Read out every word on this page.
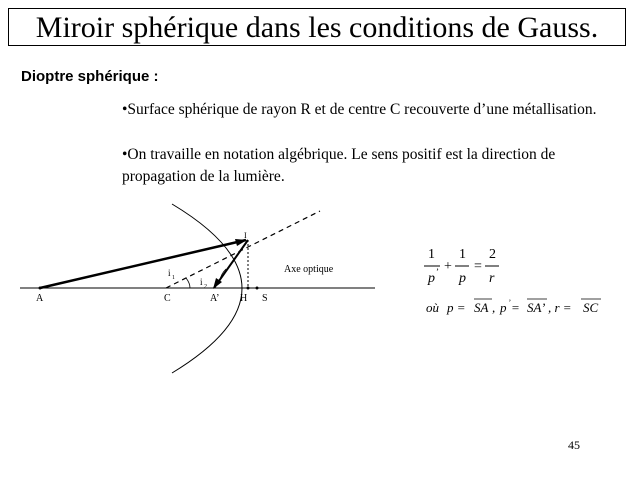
Miroir sphérique dans les conditions de Gauss.
Dioptre sphérique :
•Surface sphérique de rayon R et de centre C recouverte d’une métallisation.
•On travaille en notation algébrique. Le sens positif est la direction de propagation de la lumière.
A	C	A’ H S
Axe optique
I
i 1	i 2
1
p ’ +
1
p
=
2
r
où p = SA , p ’ = SA’ , r = SC
45
